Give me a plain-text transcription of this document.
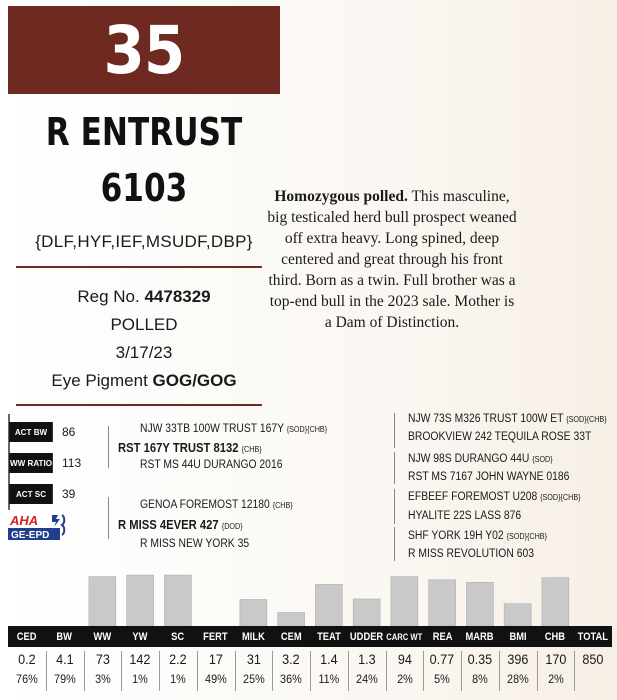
35
R ENTRUST
6103
{DLF,HYF,IEF,MSUDF,DBP}
Reg No. 4478329
POLLED
3/17/23
Eye Pigment GOG/GOG
Homozygous polled. This masculine, big testicaled herd bull prospect weaned off extra heavy. Long spined, deep centered and great through his front third. Born as a twin. Full brother was a top-end bull in the 2023 sale. Mother is a Dam of Distinction.
ACT BW	86
WW RATIO 113
ACT SC	39
AHA
GE-EPD
NJW 33TB 100W TRUST 167Y {SOD}{CHB}
RST 167Y TRUST 8132 {CHB}
RST MS 44U DURANGO 2016
GENOA FOREMOST 12180 {CHB}
R MISS 4EVER 427 {DOD}
R MISS NEW YORK 35
NJW 73S M326 TRUST 100W ET {SOD}{CHB}
BROOKVIEW 242 TEQUILA ROSE 33T
NJW 98S DURANGO 44U {SOD}
RST MS 7167 JOHN WAYNE 0186
EFBEEF FOREMOST U208 {SOD}{CHB}
HYALITE 22S LASS 876
SHF YORK 19H Y02 {SOD}{CHB}
R MISS REVOLUTION 603
CED BW WW YW SC FERT MILK CEM TEAT UDDER CARC WT REA MARB BMI CHB TOTAL
0.2
76%
4.1
79%
73
3%
142
1%
2.2
1%
17
49%
31
25%
3.2
36%
1.4
11%
1.3
24%
94
2%
0.77
5%
0.35
8%
396
28%
170
2%
850
